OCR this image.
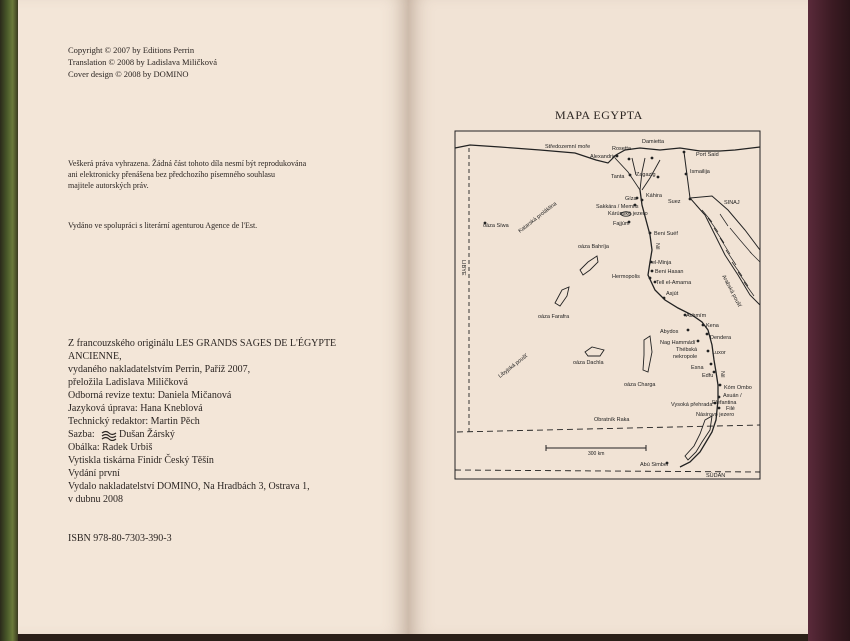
Copyright © 2007 by Editions Perrin
Translation © 2008 by Ladislava Miličková
Cover design © 2008 by DOMINO
Veškerá práva vyhrazena. Žádná část tohoto díla nesmí být reprodukována
ani elektronicky přenášena bez předchozího písemného souhlasu
majitele autorských práv.
Vydáno ve spolupráci s literární agenturou Agence de l'Est.
Z francouzského originálu LES GRANDS SAGES DE L'ÉGYPTE
ANCIENNE,
vydaného nakladatelstvím Perrin, Paříž 2007,
přeložila Ladislava Miličková
Odborná revize textu: Daniela Mičanová
Jazyková úprava: Hana Kneblová
Technický redaktor: Martin Pěch
Sazba: Dušan Žárský
Obálka: Radek Urbiš
Vytiskla tiskárna Finidr Český Těšín
Vydání první
Vydalo nakladatelství DOMINO, Na Hradbách 3, Ostrava 1,
v dubnu 2008
ISBN 978-80-7303-390-3
MAPA EGYPTA
Rosetta
Damietta
Středozemní moře
Alexandrie	Port Said
Tanta Zagazig	Ismailija
Gíza Káhira
Sakkára / Memfis
Kárúnské jezero
Fajjúm
Suez	SINAJ
Katarská proláklina
oáza Síwa
LIBYE
Beni Suéf
oáza Bahríja	Nil
el-Minja
Beni Hasan
Hermopolis
Tell el-Amarna
Asjút	Arabská poušť
oáza Farafra	Achmím
Abydos
Kena
Dendera
Nag Hammádí
Thébská
nekropole
Luxor
Libyjská poušť	oáza Dachla
oáza Charga
Esna
Edfu Nil
Kóm Ombo
Asuán /
Elefantina
Vysoká přehrada
Filé
Násirovo jezero
Obratník Raka
300 km
Abú Simbel
SÚDÁN
